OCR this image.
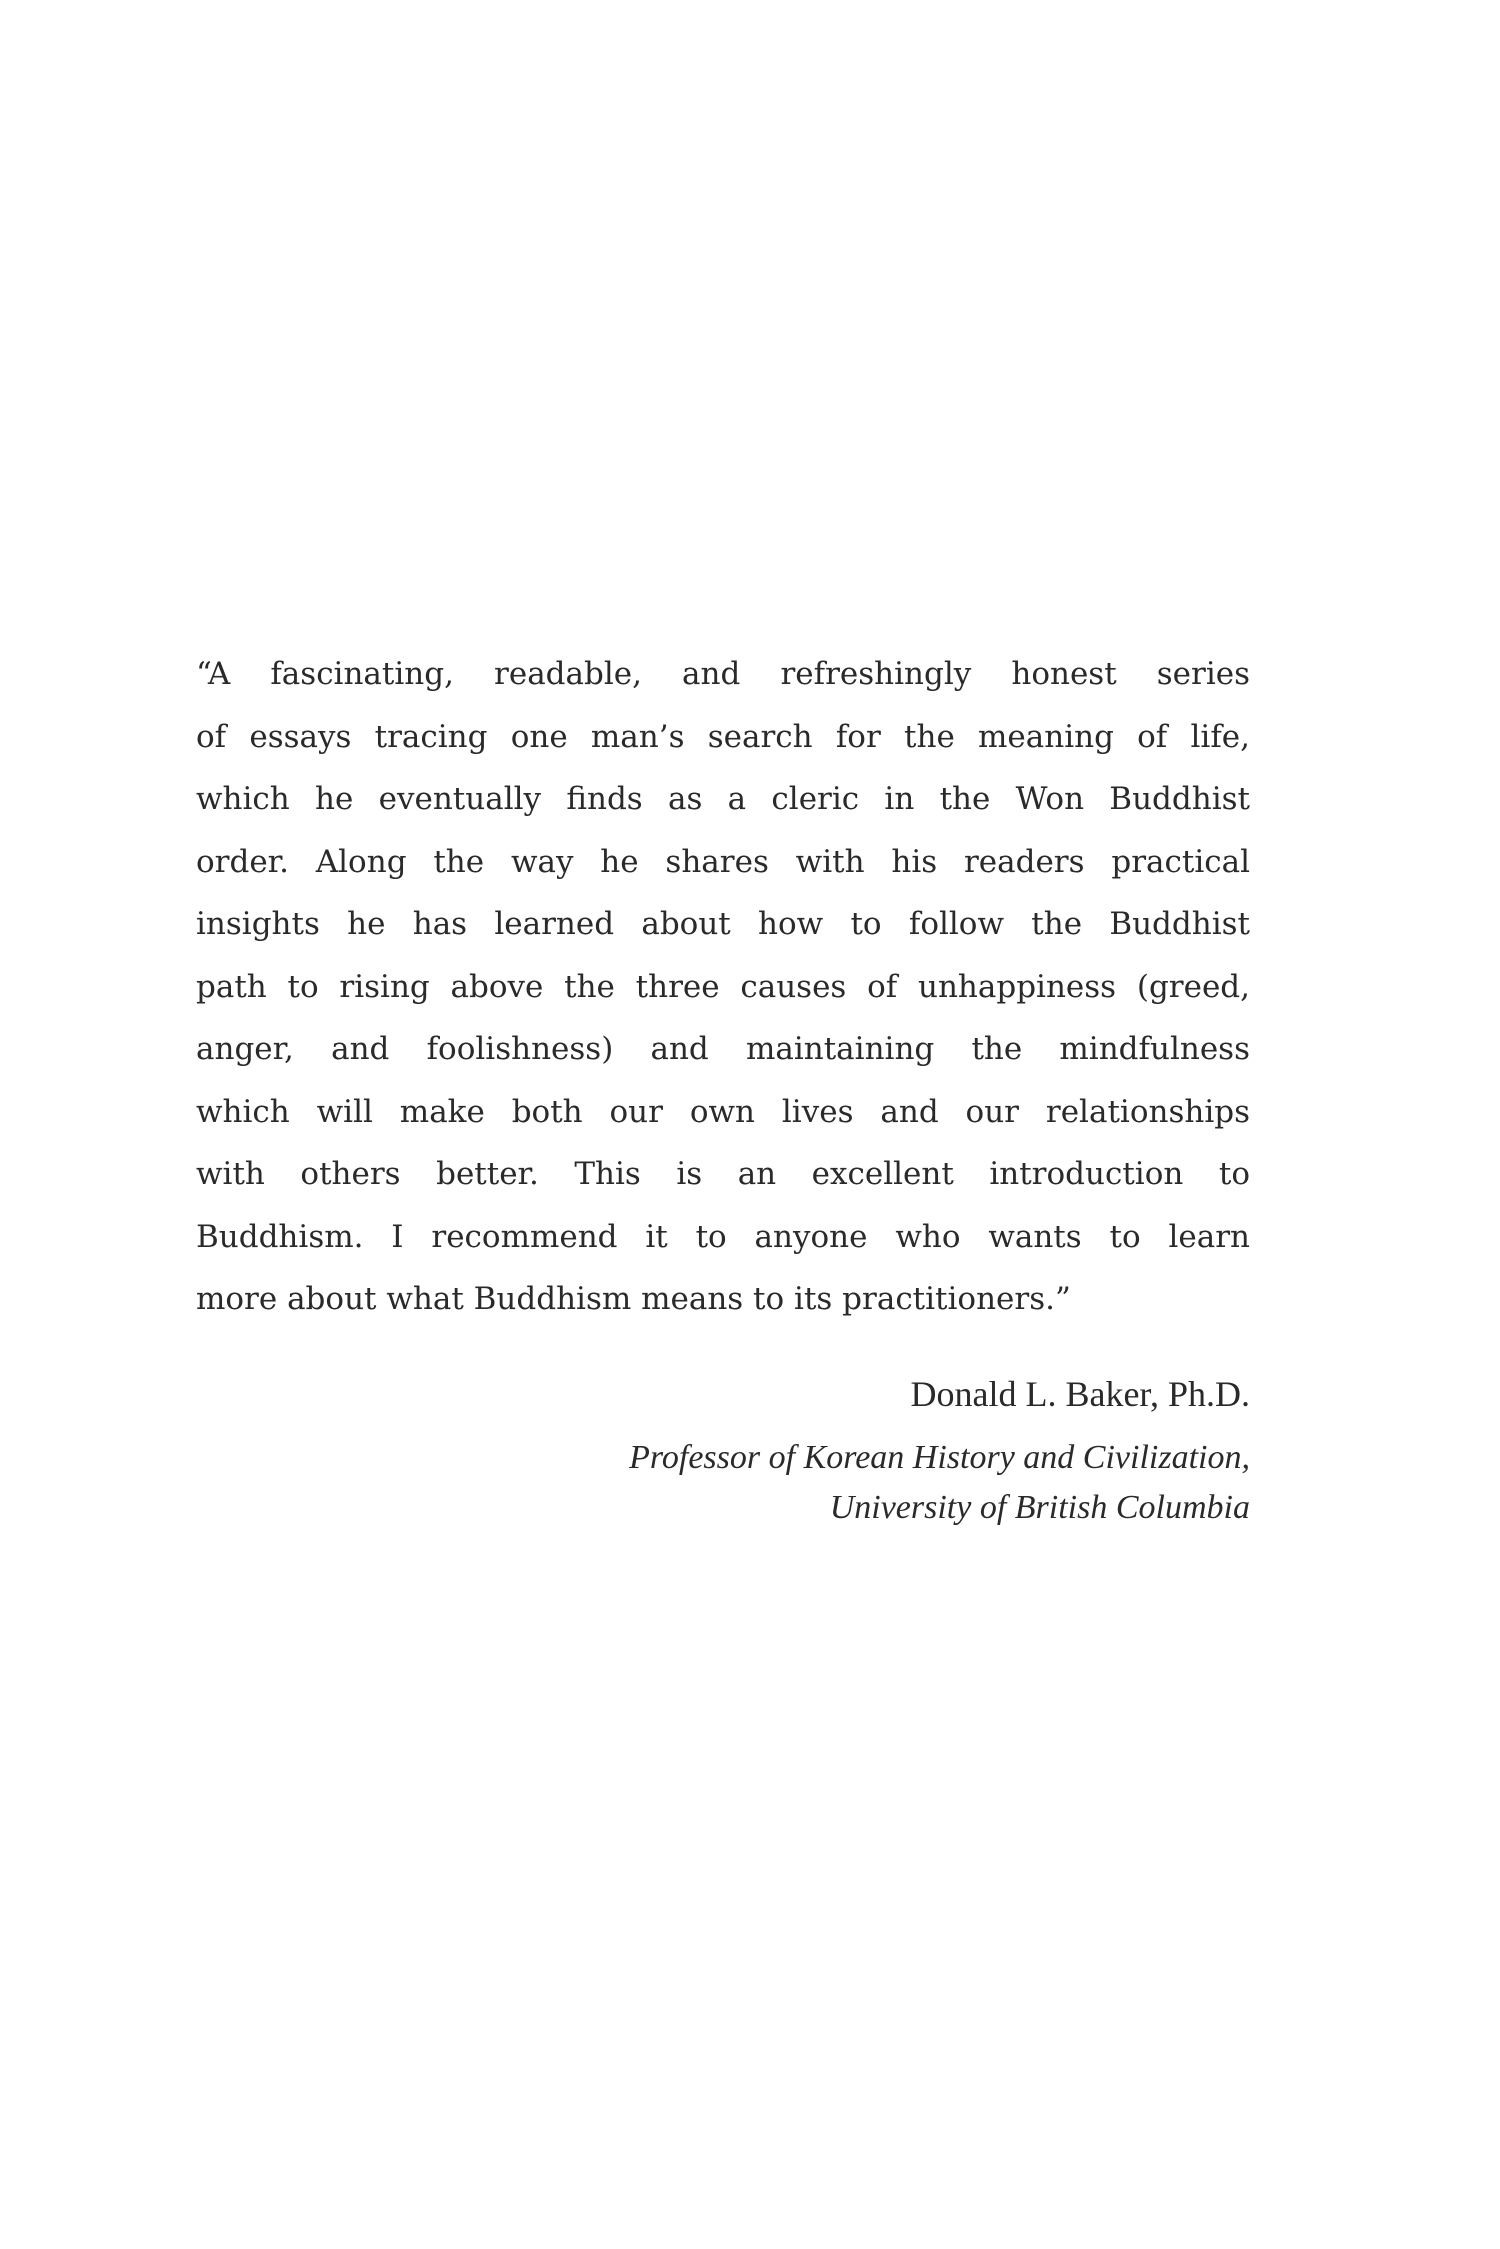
“A fascinating, readable, and refreshingly honest series
of essays tracing one man’s search for the meaning of life,
which he eventually finds as a cleric in the Won Buddhist
order. Along the way he shares with his readers practical
insights he has learned about how to follow the Buddhist
path to rising above the three causes of unhappiness (greed,
anger, and foolishness) and maintaining the mindfulness
which will make both our own lives and our relationships
with others better. This is an excellent introduction to
Buddhism. I recommend it to anyone who wants to learn
more about what Buddhism means to its practitioners.”
Donald L. Baker, Ph.D.
Professor of Korean History and Civilization,
University of British Columbia
